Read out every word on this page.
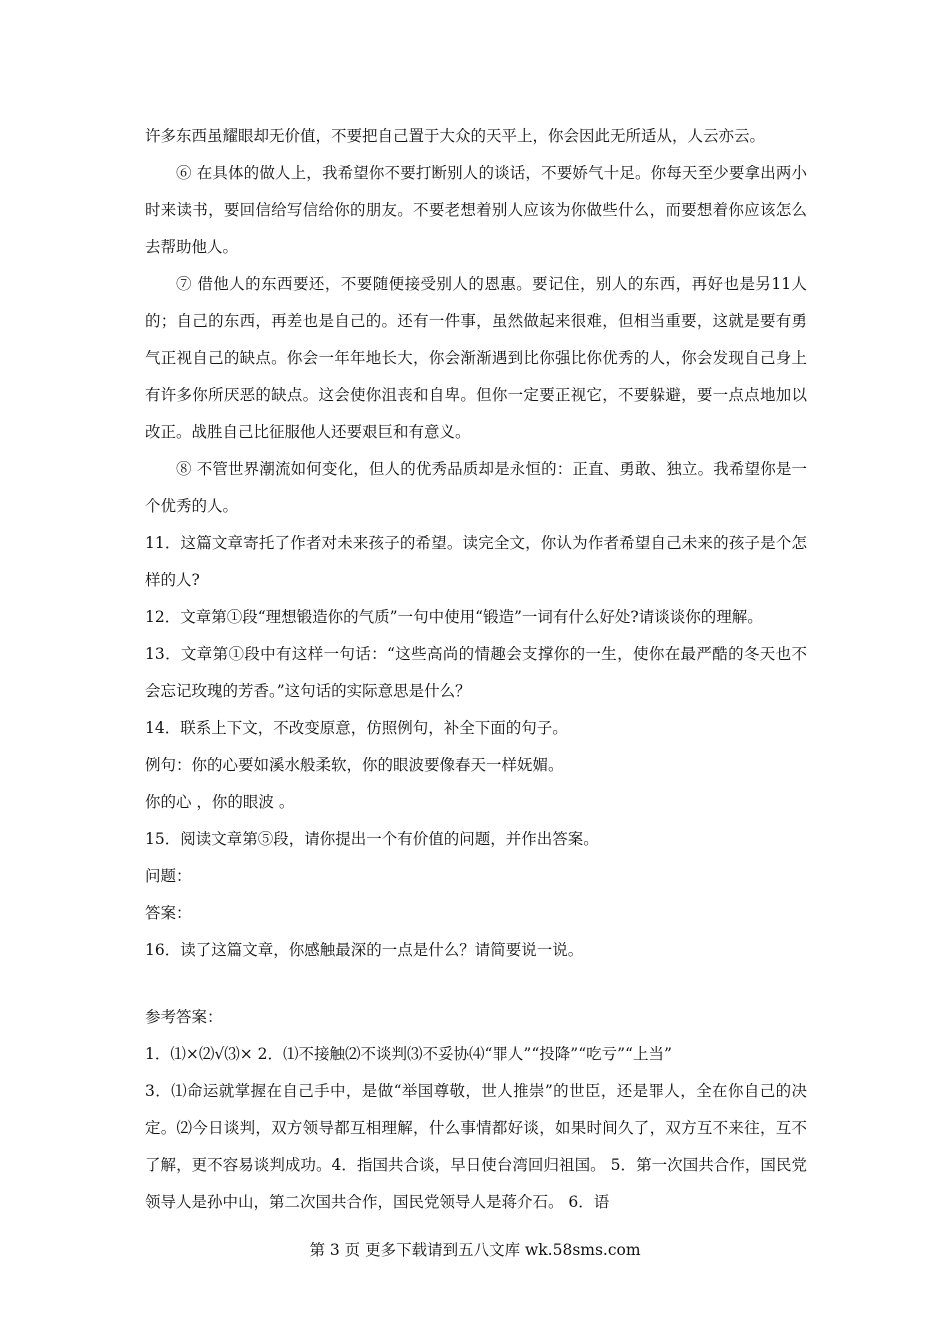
许多东西虽耀眼却无价值，不要把自己置于大众的天平上，你会因此无所适从，人云亦云。

⑥ 在具体的做人上，我希望你不要打断别人的谈话，不要娇气十足。你每天至少要拿出两小时来读书，要回信给写信给你的朋友。不要老想着别人应该为你做些什么，而要想着你应该怎么去帮助他人。

⑦ 借他人的东西要还，不要随便接受别人的恩惠。要记住，别人的东西，再好也是另11人的；自己的东西，再差也是自己的。还有一件事，虽然做起来很难，但相当重要，这就是要有勇气正视自己的缺点。你会一年年地长大，你会渐渐遇到比你强比你优秀的人，你会发现自己身上有许多你所厌恶的缺点。这会使你沮丧和自卑。但你一定要正视它，不要躲避，要一点点地加以改正。战胜自己比征服他人还要艰巨和有意义。

⑧ 不管世界潮流如何变化，但人的优秀品质却是永恒的：正直、勇敢、独立。我希望你是一个优秀的人。

11．这篇文章寄托了作者对未来孩子的希望。读完全文，你认为作者希望自己未来的孩子是个怎样的人?

12．文章第①段“理想锻造你的气质”一句中使用“锻造”一词有什么好处?请谈谈你的理解。

13．文章第①段中有这样一句话：“这些高尚的情趣会支撑你的一生，使你在最严酷的冬天也不会忘记玫瑰的芳香。”这句话的实际意思是什么？

14．联系上下文，不改变原意，仿照例句，补全下面的句子。

例句：你的心要如溪水般柔软，你的眼波要像春天一样妩媚。

你的心 ，你的眼波 。

15．阅读文章第⑤段，请你提出一个有价值的问题，并作出答案。

问题：

答案：

16．读了这篇文章，你感触最深的一点是什么？请简要说一说。

参考答案：

1．⑴×⑵√⑶× 2．⑴不接触⑵不谈判⑶不妥协⑷“罪人”“投降”“吃亏”“上当”

3．⑴命运就掌握在自己手中，是做“举国尊敬，世人推崇”的世臣，还是罪人，全在你自己的决定。⑵今日谈判，双方领导都互相理解，什么事情都好谈，如果时间久了，双方互不来往，互不了解，更不容易谈判成功。4．指国共合谈，早日使台湾回归祖国。 5．第一次国共合作，国民党领导人是孙中山，第二次国共合作，国民党领导人是蒋介石。 6．语

第 3 页 更多下载请到五八文库 wk.58sms.com
